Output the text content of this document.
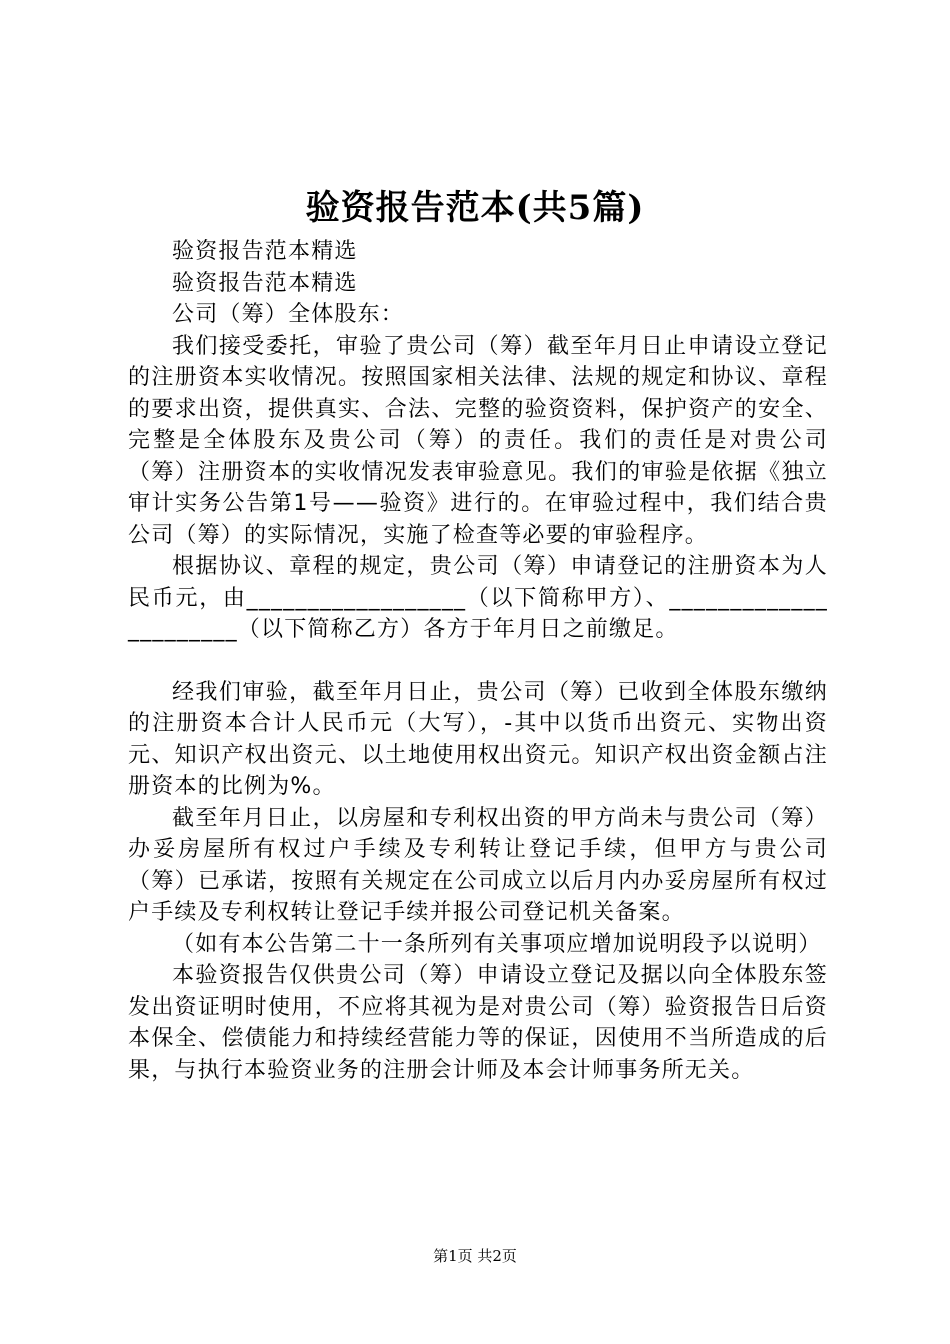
验资报告范本(共5篇)

验资报告范本精选

验资报告范本精选

公司（筹）全体股东：

我们接受委托，审验了贵公司（筹）截至年月日止申请设立登记的注册资本实收情况。按照国家相关法律、法规的规定和协议、章程的要求出资，提供真实、合法、完整的验资资料，保护资产的安全、完整是全体股东及贵公司（筹）的责任。我们的责任是对贵公司（筹）注册资本的实收情况发表审验意见。我们的审验是依据《独立审计实务公告第1号——验资》进行的。在审验过程中，我们结合贵公司（筹）的实际情况，实施了检查等必要的审验程序。

根据协议、章程的规定，贵公司（筹）申请登记的注册资本为人民币元，由__________________（以下简称甲方）、______________________（以下简称乙方）各方于年月日之前缴足。

经我们审验，截至年月日止，贵公司（筹）已收到全体股东缴纳的注册资本合计人民币元（大写），-其中以货币出资元、实物出资元、知识产权出资元、以土地使用权出资元。知识产权出资金额占注册资本的比例为%。

截至年月日止，以房屋和专利权出资的甲方尚未与贵公司（筹）办妥房屋所有权过户手续及专利转让登记手续，但甲方与贵公司（筹）已承诺，按照有关规定在公司成立以后月内办妥房屋所有权过户手续及专利权转让登记手续并报公司登记机关备案。

（如有本公告第二十一条所列有关事项应增加说明段予以说明）

本验资报告仅供贵公司（筹）申请设立登记及据以向全体股东签发出资证明时使用，不应将其视为是对贵公司（筹）验资报告日后资本保全、偿债能力和持续经营能力等的保证，因使用不当所造成的后果，与执行本验资业务的注册会计师及本会计师事务所无关。

第1页 共2页
